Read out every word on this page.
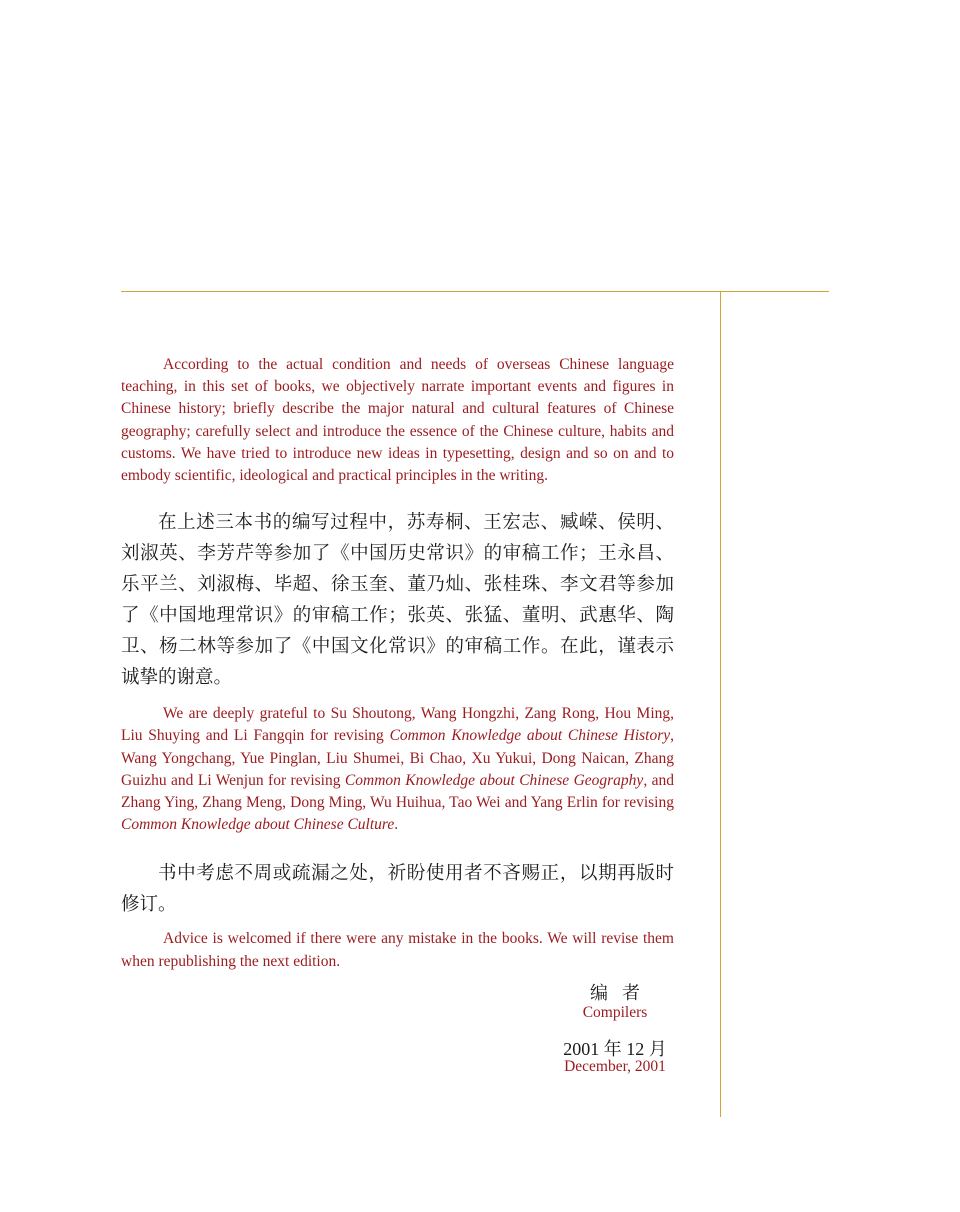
According to the actual condition and needs of overseas Chinese language teaching, in this set of books, we objectively narrate important events and figures in Chinese history; briefly describe the major natural and cultural features of Chinese geography; carefully select and introduce the essence of the Chinese culture, habits and customs. We have tried to introduce new ideas in typesetting, design and so on and to embody scientific, ideological and practical principles in the writing.

在上述三本书的编写过程中，苏寿桐、王宏志、臧嵘、侯明、刘淑英、李芳芹等参加了《中国历史常识》的审稿工作；王永昌、乐平兰、刘淑梅、毕超、徐玉奎、董乃灿、张桂珠、李文君等参加了《中国地理常识》的审稿工作；张英、张猛、董明、武惠华、陶卫、杨二林等参加了《中国文化常识》的审稿工作。在此，谨表示诚挚的谢意。

We are deeply grateful to Su Shoutong, Wang Hongzhi, Zang Rong, Hou Ming, Liu Shuying and Li Fangqin for revising Common Knowledge about Chinese History, Wang Yongchang, Yue Pinglan, Liu Shumei, Bi Chao, Xu Yukui, Dong Naican, Zhang Guizhu and Li Wenjun for revising Common Knowledge about Chinese Geography, and Zhang Ying, Zhang Meng, Dong Ming, Wu Huihua, Tao Wei and Yang Erlin for revising Common Knowledge about Chinese Culture.

书中考虑不周或疏漏之处，祈盼使用者不吝赐正，以期再版时修订。

Advice is welcomed if there were any mistake in the books. We will revise them when republishing the next edition.

编者
Compilers
2001 年 12 月
December, 2001
